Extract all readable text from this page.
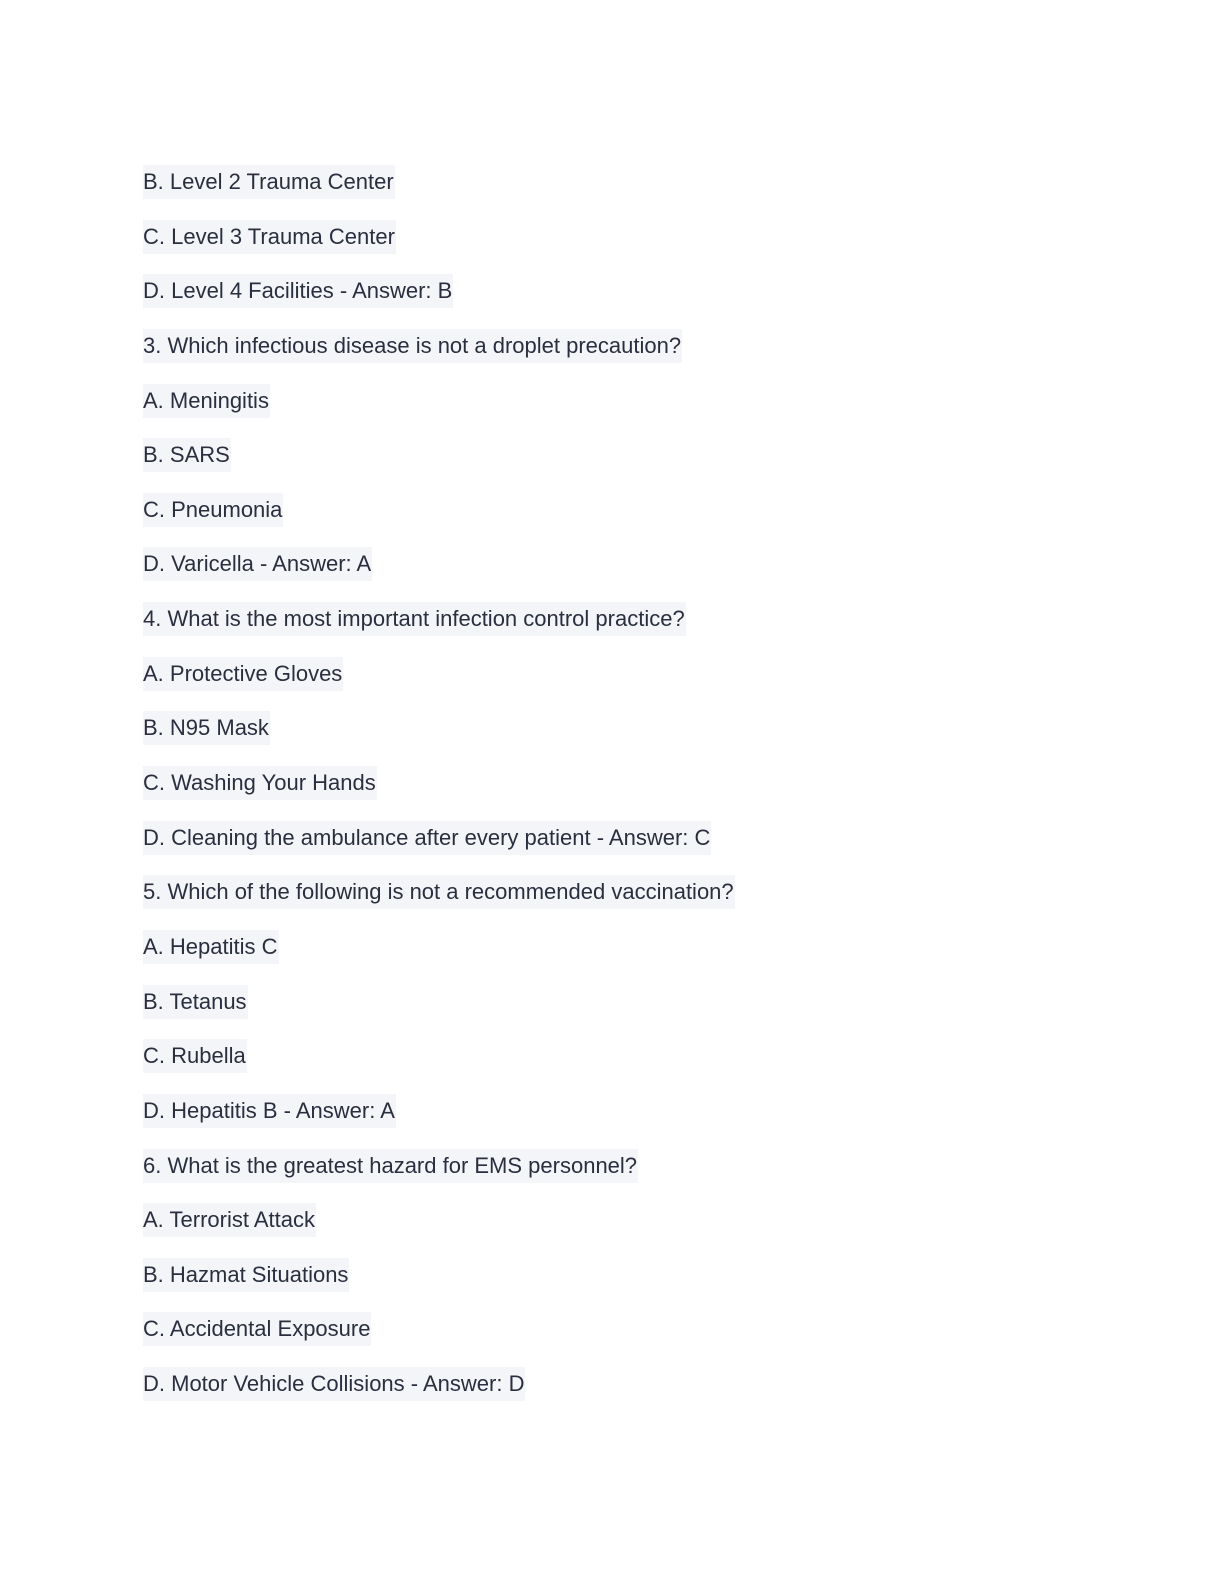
B. Level 2 Trauma Center
C. Level 3 Trauma Center
D. Level 4 Facilities - Answer: B
3. Which infectious disease is not a droplet precaution?
A. Meningitis
B. SARS
C. Pneumonia
D. Varicella - Answer: A
4. What is the most important infection control practice?
A. Protective Gloves
B. N95 Mask
C. Washing Your Hands
D. Cleaning the ambulance after every patient - Answer: C
5. Which of the following is not a recommended vaccination?
A. Hepatitis C
B. Tetanus
C. Rubella
D. Hepatitis B - Answer: A
6. What is the greatest hazard for EMS personnel?
A. Terrorist Attack
B. Hazmat Situations
C. Accidental Exposure
D. Motor Vehicle Collisions - Answer: D
